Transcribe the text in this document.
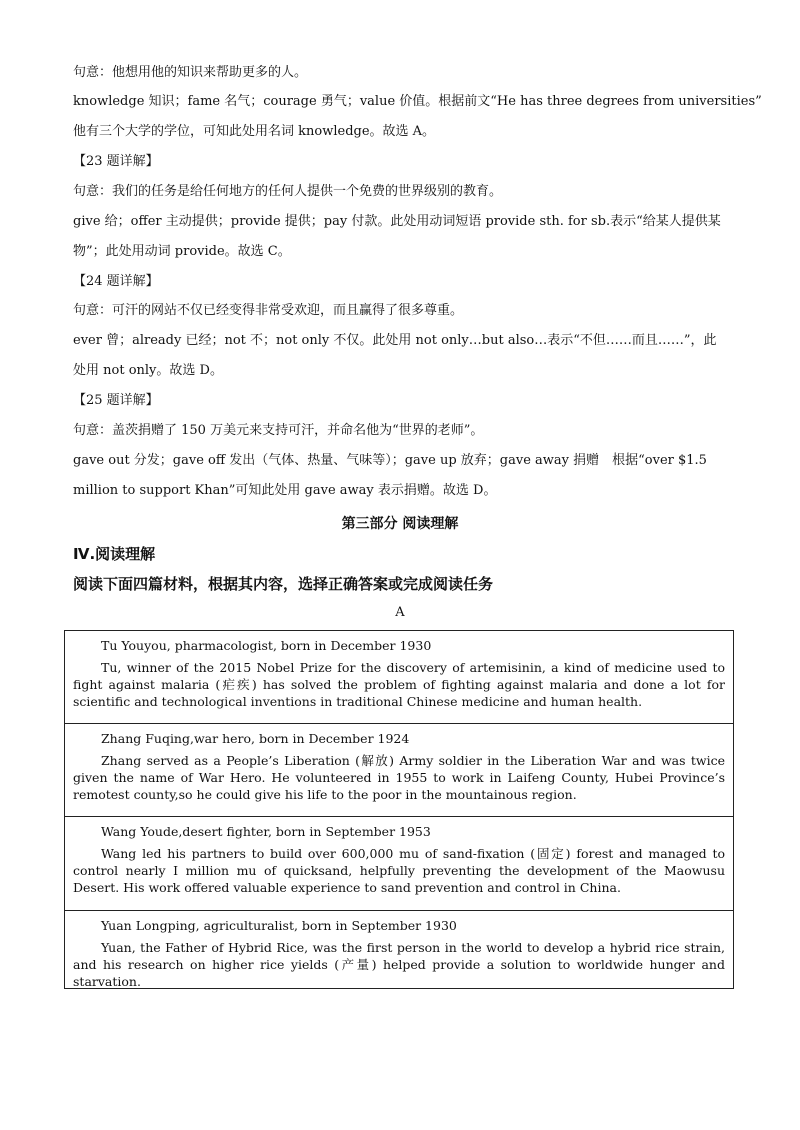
句意：他想用他的知识来帮助更多的人。
knowledge 知识；fame 名气；courage 勇气；value 价值。根据前文“He has three degrees from universities”
他有三个大学的学位，可知此处用名词 knowledge。故选 A。
【23 题详解】
句意：我们的任务是给任何地方的任何人提供一个免费的世界级别的教育。
give 给；offer 主动提供；provide 提供；pay 付款。此处用动词短语 provide sth. for sb.表示“给某人提供某
物”；此处用动词 provide。故选 C。
【24 题详解】
句意：可汗的网站不仅已经变得非常受欢迎，而且赢得了很多尊重。
ever 曾；already 已经；not 不；not only 不仅。此处用 not only…but also…表示“不但……而且……”，此
处用 not only。故选 D。
【25 题详解】
句意：盖茨捐赠了 150 万美元来支持可汗，并命名他为“世界的老师”。
gave out 分发；gave off 发出（气体、热量、气味等）；gave up 放弃；gave away 捐赠　根据“over $1.5
million to support Khan”可知此处用 gave away 表示捐赠。故选 D。
第三部分 阅读理解
Ⅳ.阅读理解
阅读下面四篇材料，根据其内容，选择正确答案或完成阅读任务
A
Tu Youyou, pharmacologist, born in December 1930
Tu, winner of the 2015 Nobel Prize for the discovery of artemisinin, a kind of medicine used to fight against malaria (疟疾) has solved the problem of fighting against malaria and done a lot for scientific and technological inventions in traditional Chinese medicine and human health.
Zhang Fuqing,war hero, born in December 1924
Zhang served as a People’s Liberation (解放) Army soldier in the Liberation War and was twice given the name of War Hero. He volunteered in 1955 to work in Laifeng County, Hubei Province’s remotest county,so he could give his life to the poor in the mountainous region.
Wang Youde,desert fighter, born in September 1953
Wang led his partners to build over 600,000 mu of sand-fixation (固定) forest and managed to control nearly I million mu of quicksand, helpfully preventing the development of the Maowusu Desert. His work offered valuable experience to sand prevention and control in China.
Yuan Longping, agriculturalist, born in September 1930
Yuan, the Father of Hybrid Rice, was the first person in the world to develop a hybrid rice strain, and his research on higher rice yields (产量) helped provide a solution to worldwide hunger and starvation.
